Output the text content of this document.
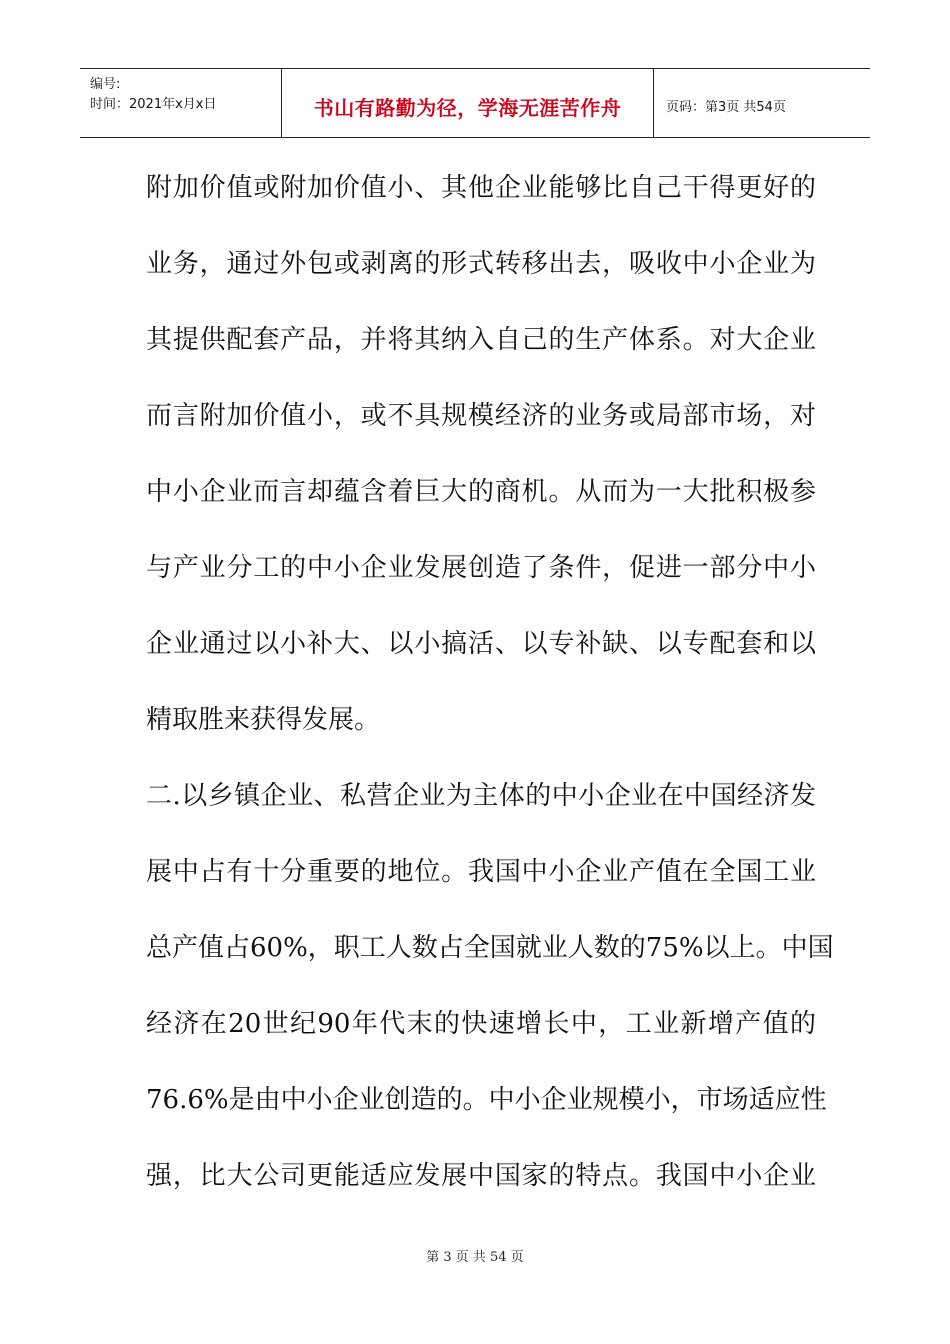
编号:
时间：2021年x月x日	书山有路勤为径，学海无涯苦作舟	页码：第3页 共54页
附加价值或附加价值小、其他企业能够比自己干得更好的
业务，通过外包或剥离的形式转移出去，吸收中小企业为
其提供配套产品，并将其纳入自己的生产体系。对大企业
而言附加价值小，或不具规模经济的业务或局部市场，对
中小企业而言却蕴含着巨大的商机。从而为一大批积极参
与产业分工的中小企业发展创造了条件，促进一部分中小
企业通过以小补大、以小搞活、以专补缺、以专配套和以
精取胜来获得发展。
二.以乡镇企业、私营企业为主体的中小企业在中国经济发
展中占有十分重要的地位。我国中小企业产值在全国工业
总产值占60%，职工人数占全国就业人数的75%以上。中国
经济在20世纪90年代末的快速增长中，工业新增产值的
76.6%是由中小企业创造的。中小企业规模小，市场适应性
强，比大公司更能适应发展中国家的特点。我国中小企业
第 3 页 共 54 页
